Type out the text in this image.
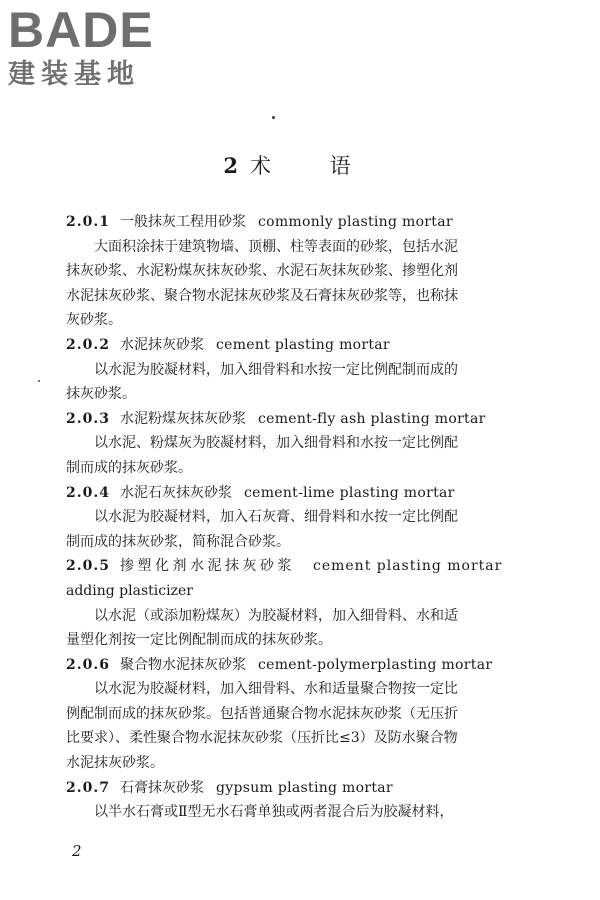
BADE
建装基地
2 术 语
2.0.1 一般抹灰工程用砂浆 commonly plasting mortar
大面积涂抹于建筑物墙、顶棚、柱等表面的砂浆，包括水泥
抹灰砂浆、水泥粉煤灰抹灰砂浆、水泥石灰抹灰砂浆、掺塑化剂
水泥抹灰砂浆、聚合物水泥抹灰砂浆及石膏抹灰砂浆等，也称抹
灰砂浆。
2.0.2 水泥抹灰砂浆 cement plasting mortar
以水泥为胶凝材料，加入细骨料和水按一定比例配制而成的
抹灰砂浆。
2.0.3 水泥粉煤灰抹灰砂浆 cement-fly ash plasting mortar
以水泥、粉煤灰为胶凝材料，加入细骨料和水按一定比例配
制而成的抹灰砂浆。
2.0.4 水泥石灰抹灰砂浆 cement-lime plasting mortar
以水泥为胶凝材料，加入石灰膏、细骨料和水按一定比例配
制而成的抹灰砂浆，简称混合砂浆。
2.0.5 掺塑化剂水泥抹灰砂浆 cement plasting mortar
adding plasticizer
以水泥（或添加粉煤灰）为胶凝材料，加入细骨料、水和适
量塑化剂按一定比例配制而成的抹灰砂浆。
2.0.6 聚合物水泥抹灰砂浆 cement-polymerplasting mortar
以水泥为胶凝材料，加入细骨料、水和适量聚合物按一定比
例配制而成的抹灰砂浆。包括普通聚合物水泥抹灰砂浆（无压折
比要求）、柔性聚合物水泥抹灰砂浆（压折比≤3）及防水聚合物
水泥抹灰砂浆。
2.0.7 石膏抹灰砂浆 gypsum plasting mortar
以半水石膏或Ⅱ型无水石膏单独或两者混合后为胶凝材料，
2
